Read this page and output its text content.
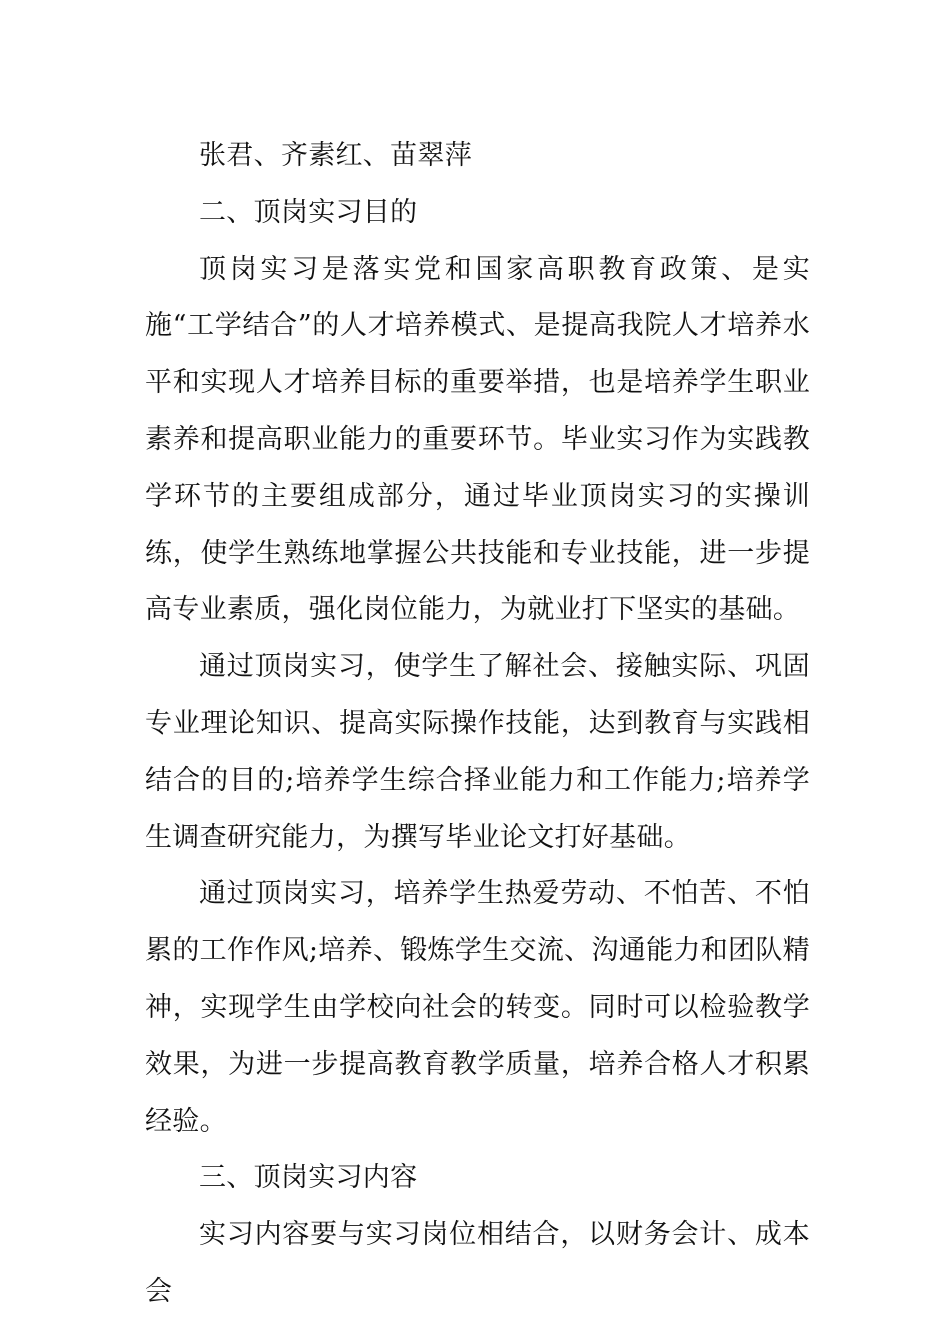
张君、齐素红、苗翠萍

二、顶岗实习目的

顶岗实习是落实党和国家高职教育政策、是实施“工学结合”的人才培养模式、是提高我院人才培养水平和实现人才培养目标的重要举措，也是培养学生职业素养和提高职业能力的重要环节。毕业实习作为实践教学环节的主要组成部分，通过毕业顶岗实习的实操训练，使学生熟练地掌握公共技能和专业技能，进一步提高专业素质，强化岗位能力，为就业打下坚实的基础。

通过顶岗实习，使学生了解社会、接触实际、巩固专业理论知识、提高实际操作技能，达到教育与实践相结合的目的;培养学生综合择业能力和工作能力;培养学生调查研究能力，为撰写毕业论文打好基础。

通过顶岗实习，培养学生热爱劳动、不怕苦、不怕累的工作作风;培养、锻炼学生交流、沟通能力和团队精神，实现学生由学校向社会的转变。同时可以检验教学效果，为进一步提高教育教学质量，培养合格人才积累经验。

三、顶岗实习内容

实习内容要与实习岗位相结合，以财务会计、成本会
